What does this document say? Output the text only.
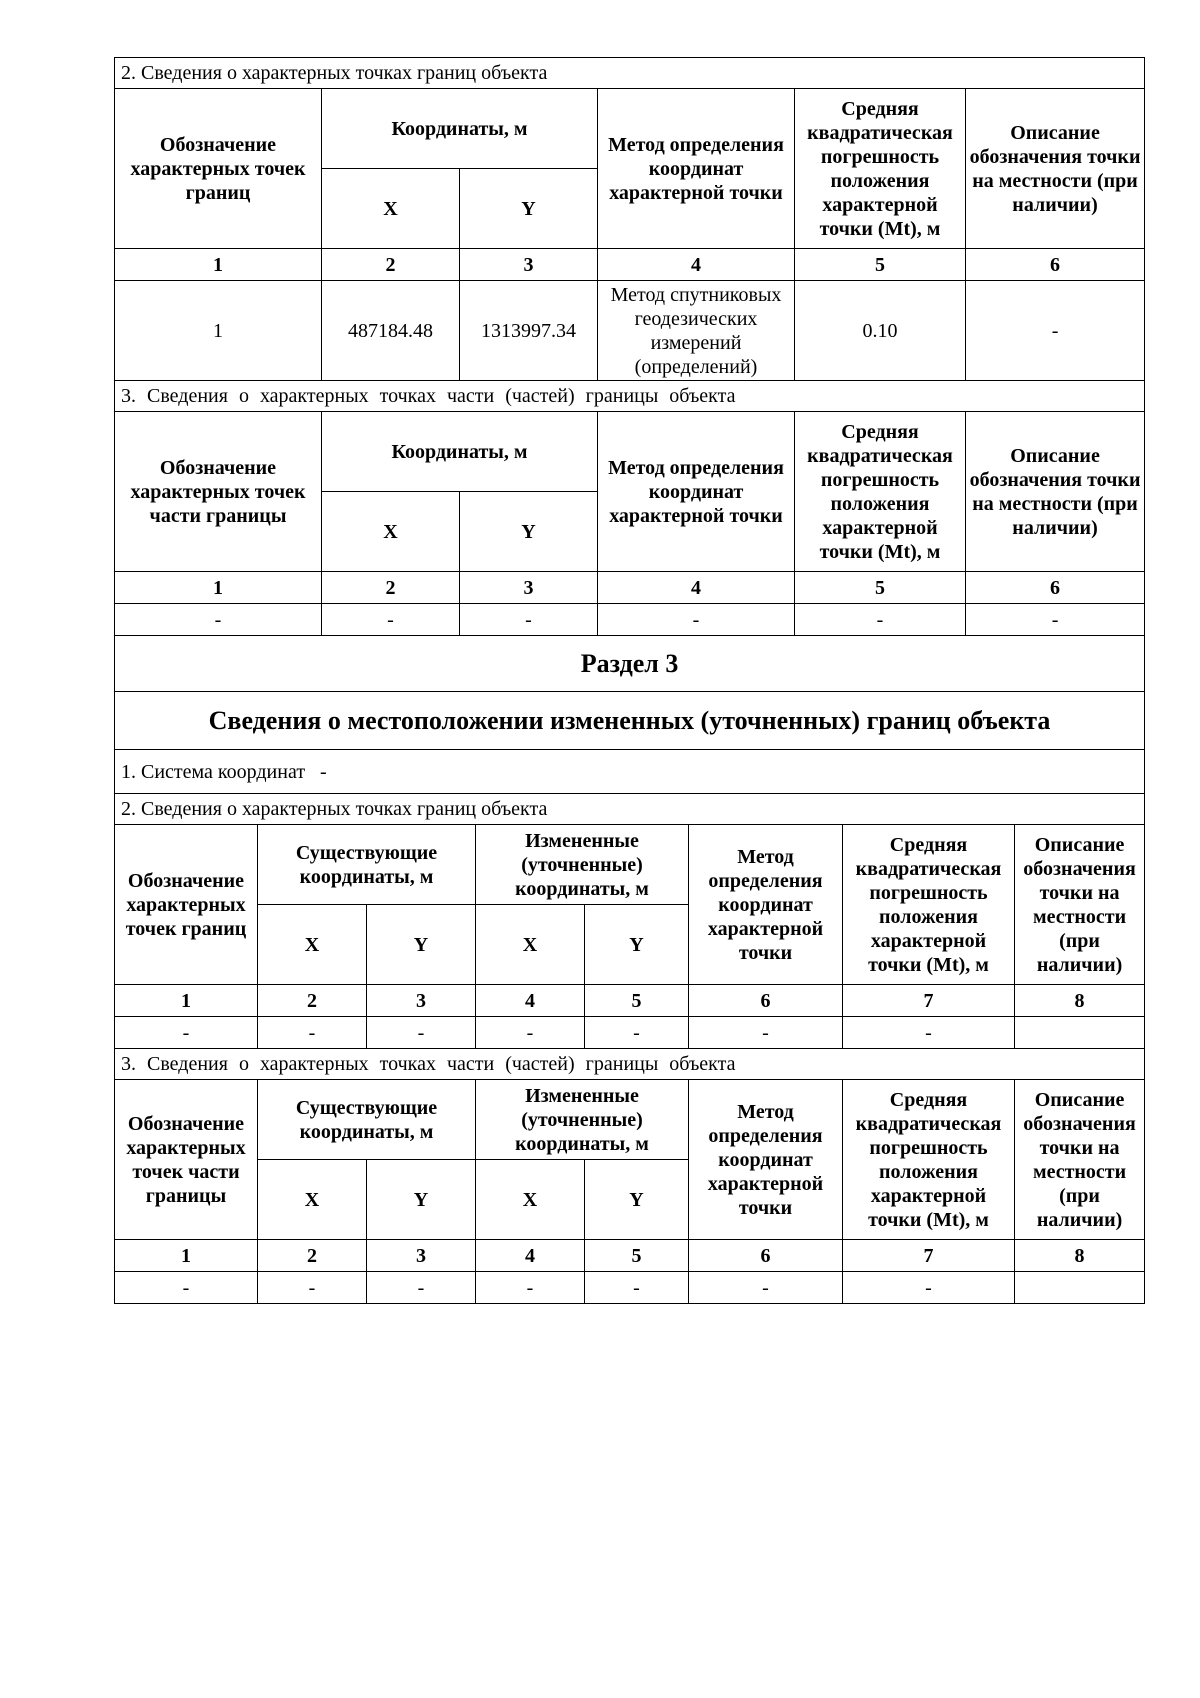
2. Сведения о характерных точках границ объекта					
Обозначение характерных точек границ	Координаты, м		Метод определения координат характерной точки	Средняя квадратическая погрешность положения характерной точки (Mt), м	Описание обозначения точки на местности (при наличии)
	X	Y			
1	2	3	4	5	6
1	487184.48	1313997.34	Метод спутниковых геодезических измерений (определений)	0.10	-
3. Сведения о характерных точках части (частей) границы объекта					
Обозначение характерных точек части границы	Координаты, м		Метод определения координат характерной точки	Средняя квадратическая погрешность положения характерной точки (Mt), м	Описание обозначения точки на местности (при наличии)
	X	Y			
1	2	3	4	5	6
-	-	-	-	-	-
Раздел 3					
Сведения о местоположении измененных (уточненных) границ объекта					
1. Система координат   -					
2. Сведения о характерных точках границ объекта							
Обозначение характерных точек границ	Существующие координаты, м		Измененные (уточненные) координаты, м		Метод определения координат характерной точки	Средняя квадратическая погрешность положения характерной точки (Mt), м	Описание обозначения точки на местности (при наличии)
	X	Y	X	Y			
1	2	3	4	5	6	7	8
-	-	-	-	-	-	-	
3. Сведения о характерных точках части (частей) границы объекта							
Обозначение характерных точек части границы	Существующие координаты, м		Измененные (уточненные) координаты, м		Метод определения координат характерной точки	Средняя квадратическая погрешность положения характерной точки (Mt), м	Описание обозначения точки на местности (при наличии)
	X	Y	X	Y			
1	2	3	4	5	6	7	8
-	-	-	-	-	-	-	
